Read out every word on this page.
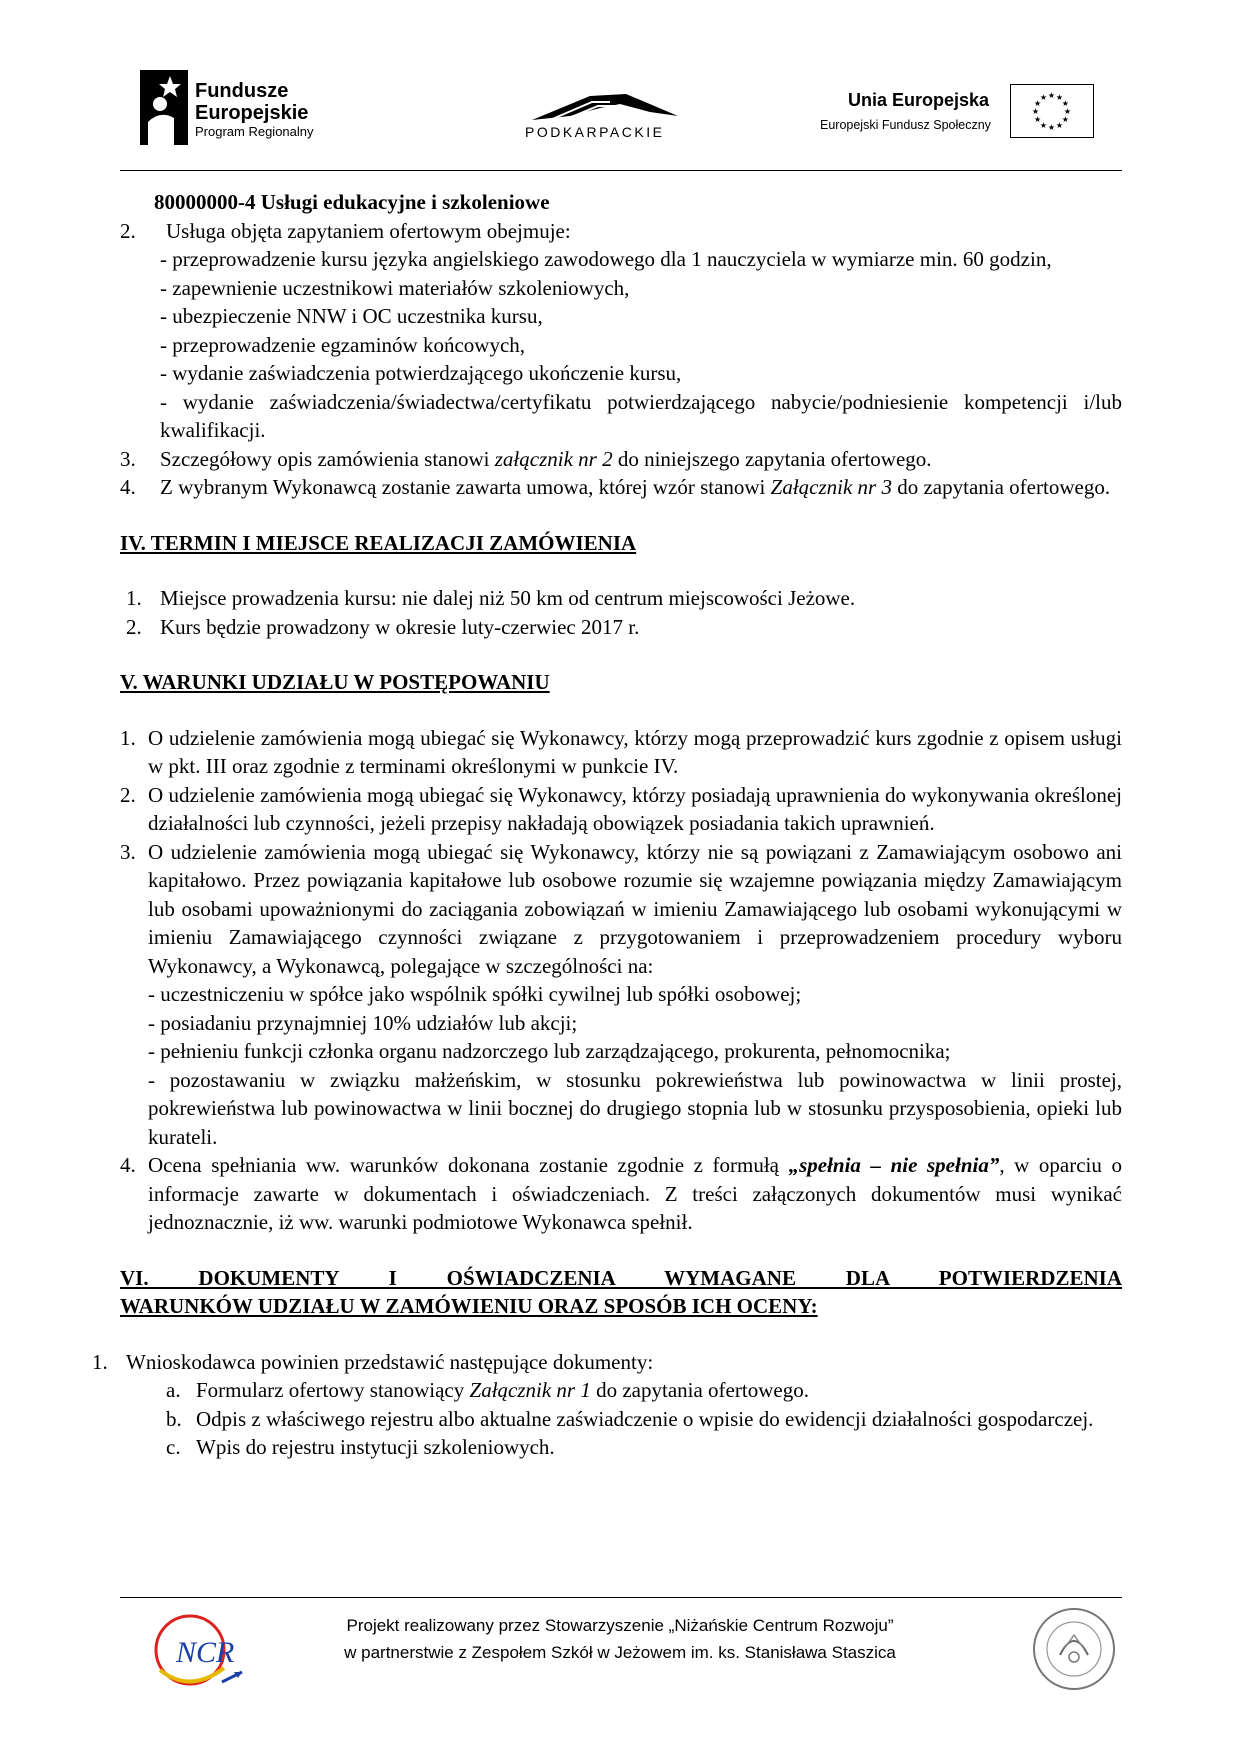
Fundusze
Europejskie
Program Regionalny	PODKARPACKIE
Unia Europejska
Europejski Fundusz Społeczny
★
★
★
★
★
★
★
★
★ ★ ★
★

80000000-4 Usługi edukacyjne i szkoleniowe

2. Usługa objęta zapytaniem ofertowym obejmuje:

- przeprowadzenie kursu języka angielskiego zawodowego dla 1 nauczyciela w wymiarze min. 60 godzin,

- zapewnienie uczestnikowi materiałów szkoleniowych,

- ubezpieczenie NNW i OC uczestnika kursu,

- przeprowadzenie egzaminów końcowych,

- wydanie zaświadczenia potwierdzającego ukończenie kursu,

- wydanie zaświadczenia/świadectwa/certyfikatu potwierdzającego nabycie/podniesienie kompetencji i/lub kwalifikacji.

3. Szczegółowy opis zamówienia stanowi załącznik nr 2 do niniejszego zapytania ofertowego.

4. Z wybranym Wykonawcą zostanie zawarta umowa, której wzór stanowi Załącznik nr 3 do zapytania ofertowego.

IV. TERMIN I MIEJSCE REALIZACJI ZAMÓWIENIA

1. Miejsce prowadzenia kursu: nie dalej niż 50 km od centrum miejscowości Jeżowe.

2. Kurs będzie prowadzony w okresie luty-czerwiec 2017 r.

V. WARUNKI UDZIAŁU W POSTĘPOWANIU

1. O udzielenie zamówienia mogą ubiegać się Wykonawcy, którzy mogą przeprowadzić kurs zgodnie z opisem usługi w pkt. III oraz zgodnie z terminami określonymi w punkcie IV.

2. O udzielenie zamówienia mogą ubiegać się Wykonawcy, którzy posiadają uprawnienia do wykonywania określonej działalności lub czynności, jeżeli przepisy nakładają obowiązek posiadania takich uprawnień.

3. O udzielenie zamówienia mogą ubiegać się Wykonawcy, którzy nie są powiązani z Zamawiającym osobowo ani kapitałowo. Przez powiązania kapitałowe lub osobowe rozumie się wzajemne powiązania między Zamawiającym lub osobami upoważnionymi do zaciągania zobowiązań w imieniu Zamawiającego lub osobami wykonującymi w imieniu Zamawiającego czynności związane z przygotowaniem i przeprowadzeniem procedury wyboru Wykonawcy, a Wykonawcą, polegające w szczególności na:

- uczestniczeniu w spółce jako wspólnik spółki cywilnej lub spółki osobowej;

- posiadaniu przynajmniej 10% udziałów lub akcji;

- pełnieniu funkcji członka organu nadzorczego lub zarządzającego, prokurenta, pełnomocnika;

- pozostawaniu w związku małżeńskim, w stosunku pokrewieństwa lub powinowactwa w linii prostej, pokrewieństwa lub powinowactwa w linii bocznej do drugiego stopnia lub w stosunku przysposobienia, opieki lub kurateli.

4. Ocena spełniania ww. warunków dokonana zostanie zgodnie z formułą „spełnia – nie spełnia”, w oparciu o informacje zawarte w dokumentach i oświadczeniach. Z treści załączonych dokumentów musi wynikać jednoznacznie, iż ww. warunki podmiotowe Wykonawca spełnił.

VI. DOKUMENTY I OŚWIADCZENIA WYMAGANE DLA POTWIERDZENIA

WARUNKÓW UDZIAŁU W ZAMÓWIENIU ORAZ SPOSÓB ICH OCENY:

1. Wnioskodawca powinien przedstawić następujące dokumenty:

a. Formularz ofertowy stanowiący Załącznik nr 1 do zapytania ofertowego.

b. Odpis z właściwego rejestru albo aktualne zaświadczenie o wpisie do ewidencji działalności gospodarczej.

c. Wpis do rejestru instytucji szkoleniowych.

NCR
Projekt realizowany przez Stowarzyszenie „Niżańskie Centrum Rozwoju”
w partnerstwie z Zespołem Szkół w Jeżowem im. ks. Stanisława Staszica
